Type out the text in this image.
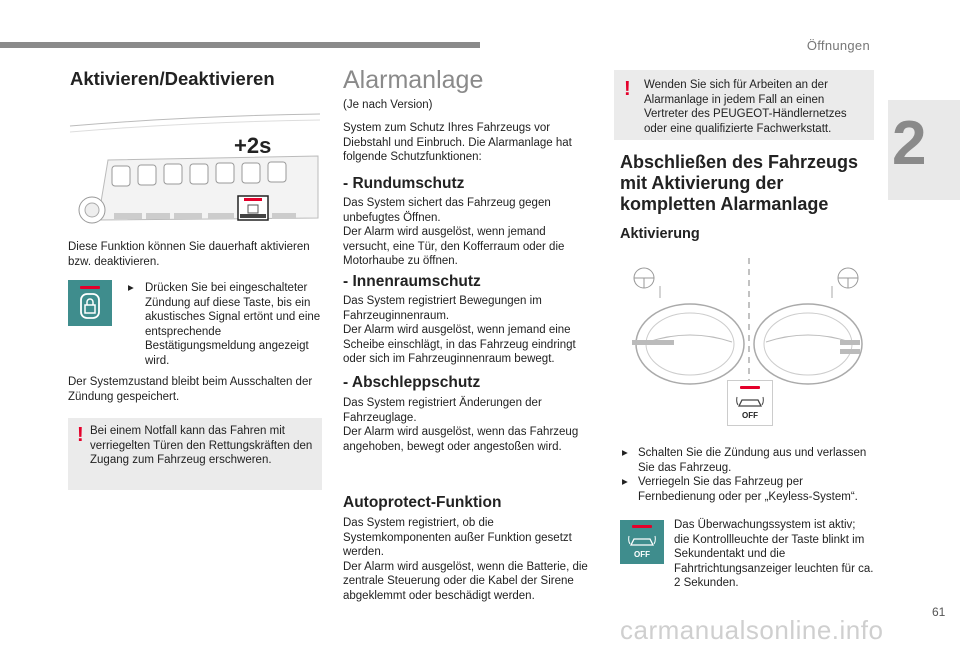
Öffnungen
2
Aktivieren/Deaktivieren
+2s

Diese Funktion können Sie dauerhaft aktivieren bzw. deaktivieren.

▸ Drücken Sie bei eingeschalteter Zündung auf diese Taste, bis ein akustisches Signal ertönt und eine entsprechende Bestätigungsmeldung angezeigt wird.

Der Systemzustand bleibt beim Ausschalten der Zündung gespeichert.

! Bei einem Notfall kann das Fahren mit verriegelten Türen den Rettungskräften den Zugang zum Fahrzeug erschweren.

Alarmanlage

(Je nach Version)

System zum Schutz Ihres Fahrzeugs vor Diebstahl und Einbruch. Die Alarmanlage hat folgende Schutzfunktionen:

- Rundumschutz

Das System sichert das Fahrzeug gegen unbefugtes Öffnen.
Der Alarm wird ausgelöst, wenn jemand versucht, eine Tür, den Kofferraum oder die Motorhaube zu öffnen.

- Innenraumschutz

Das System registriert Bewegungen im Fahrzeuginnenraum.
Der Alarm wird ausgelöst, wenn jemand eine Scheibe einschlägt, in das Fahrzeug eindringt oder sich im Fahrzeuginnenraum bewegt.

- Abschleppschutz

Das System registriert Änderungen der Fahrzeuglage.
Der Alarm wird ausgelöst, wenn das Fahrzeug angehoben, bewegt oder angestoßen wird.

Autoprotect-Funktion

Das System registriert, ob die Systemkomponenten außer Funktion gesetzt werden.
Der Alarm wird ausgelöst, wenn die Batterie, die zentrale Steuerung oder die Kabel der Sirene abgeklemmt oder beschädigt werden.

! Wenden Sie sich für Arbeiten an der Alarmanlage in jedem Fall an einen Vertreter des PEUGEOT-Händlernetzes oder eine qualifizierte Fachwerkstatt.

Abschließen des Fahrzeugs mit Aktivierung der kompletten Alarmanlage
Aktivierung
OFF
▸ Schalten Sie die Zündung aus und verlassen Sie das Fahrzeug.

▸ Verriegeln Sie das Fahrzeug per Fernbedienung oder per „Keyless-System“.

OFF

Das Überwachungssystem ist aktiv; die Kontrollleuchte der Taste blinkt im Sekundentakt und die Fahrtrichtungsanzeiger leuchten für ca. 2 Sekunden.

61
carmanualsonline.info
